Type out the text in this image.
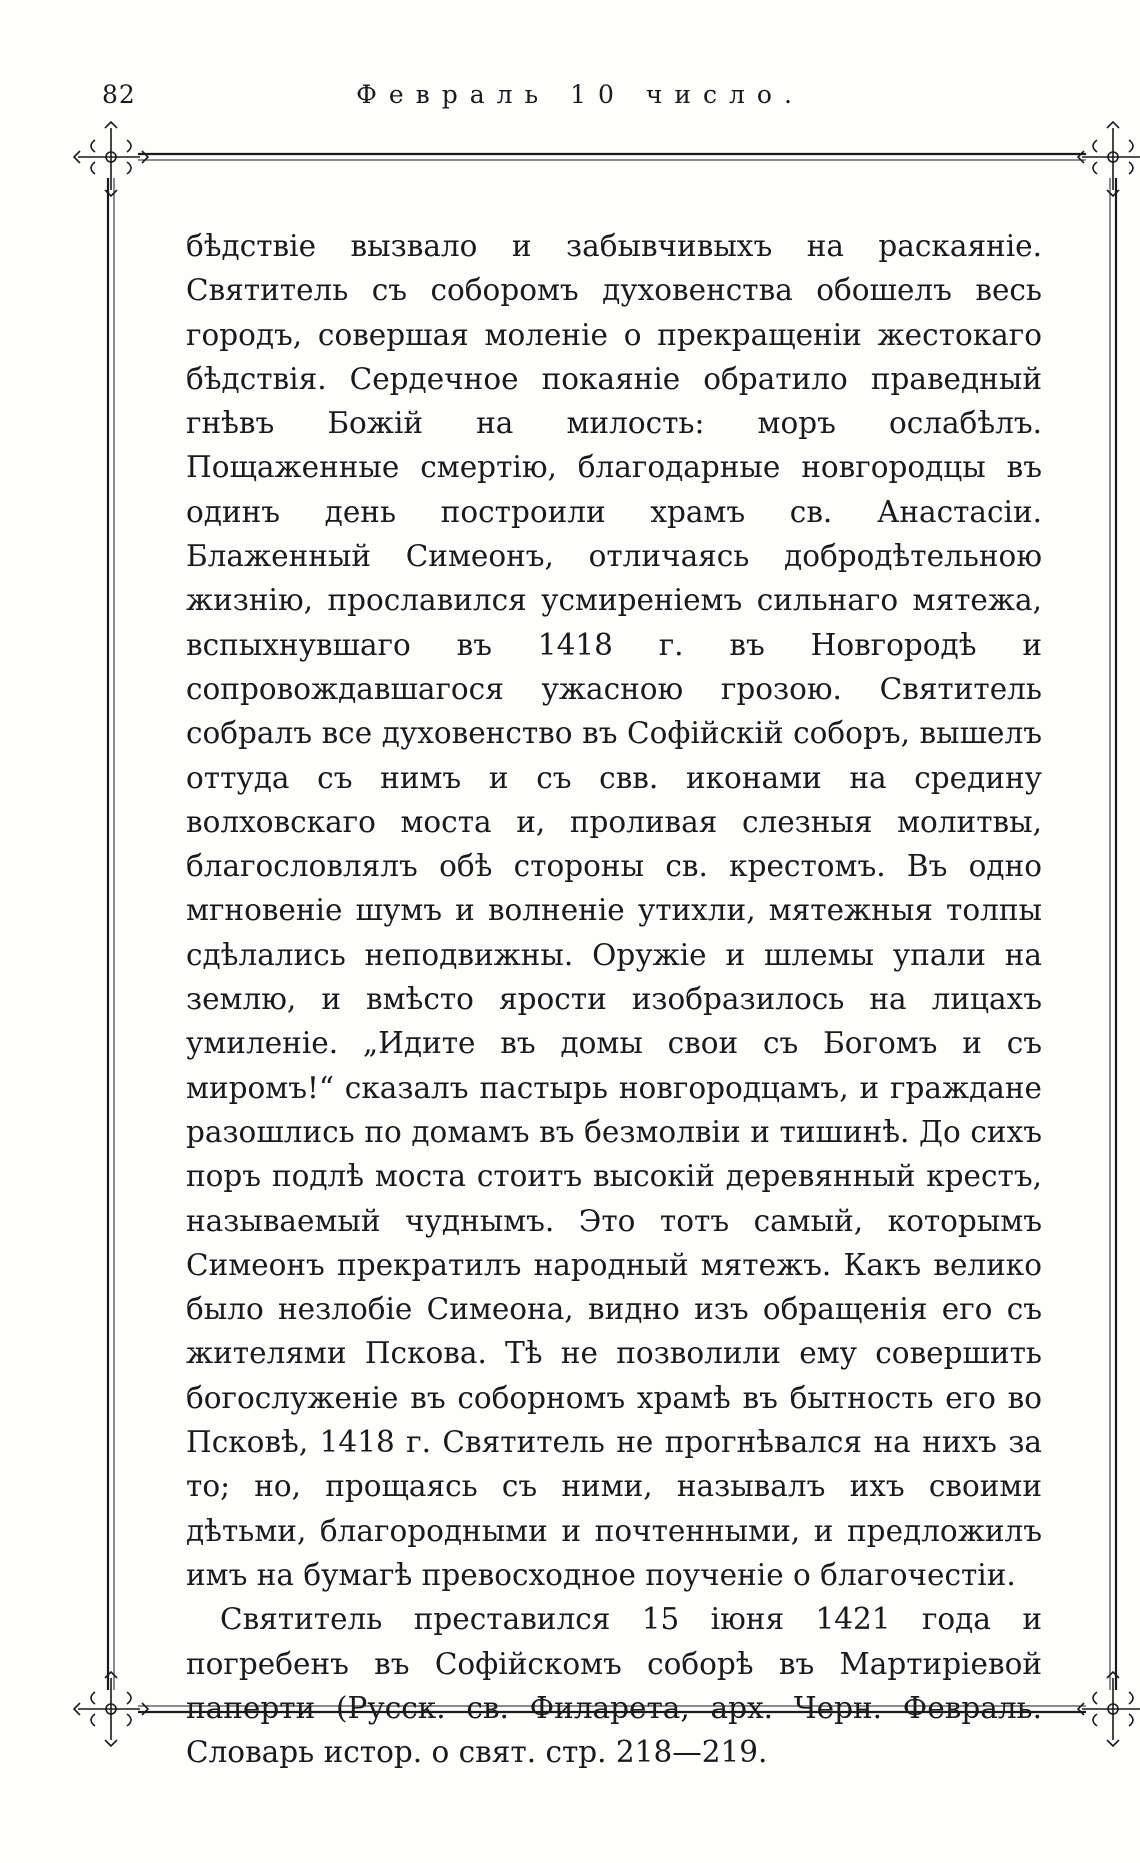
82	Февраль 10 число.

бѣдствіе вызвало и забывчивыхъ на раскаяніе. Святитель съ соборомъ духовенства обошелъ весь городъ, совершая моленіе о прекращеніи жестокаго бѣдствія. Сердечное покаяніе обратило праведный гнѣвъ Божій на милость: моръ ослабѣлъ. Пощаженные смертію, благодарные новгородцы въ одинъ день построили храмъ св. Анастасіи. Блаженный Симеонъ, отличаясь добродѣтельною жизнію, прославился усмиреніемъ сильнаго мятежа, вспыхнувшаго въ 1418 г. въ Новгородѣ и сопровождавшагося ужасною грозою. Святитель собралъ все духовенство въ Софійскій соборъ, вышелъ оттуда съ нимъ и съ свв. иконами на средину волховскаго моста и, проливая слезныя молитвы, благословлялъ обѣ стороны св. крестомъ. Въ одно мгновеніе шумъ и волненіе утихли, мятежныя толпы сдѣлались неподвижны. Оружіе и шлемы упали на землю, и вмѣсто ярости изобразилось на лицахъ умиленіе. „Идите въ домы свои съ Богомъ и съ миромъ!“ сказалъ пастырь новгородцамъ, и граждане разошлись по домамъ въ безмолвіи и тишинѣ. До сихъ поръ подлѣ моста стоитъ высокій деревянный крестъ, называемый чуднымъ. Это тотъ самый, которымъ Симеонъ прекратилъ народный мятежъ. Какъ велико было незлобіе Симеона, видно изъ обращенія его съ жителями Пскова. Тѣ не позволили ему совершить богослуженіе въ соборномъ храмѣ въ бытность его во Псковѣ, 1418 г. Святитель не прогнѣвался на нихъ за то; но, прощаясь съ ними, называлъ ихъ своими дѣтьми, благородными и почтенными, и предложилъ имъ на бумагѣ превосходное поученіе о благочестіи.

Святитель преставился 15 іюня 1421 года и погребенъ въ Софійскомъ соборѣ въ Мартиріевой паперти (Русск. св. Филарета, арх. Черн. Февраль. Словарь истор. о свят. стр. 218—219.
